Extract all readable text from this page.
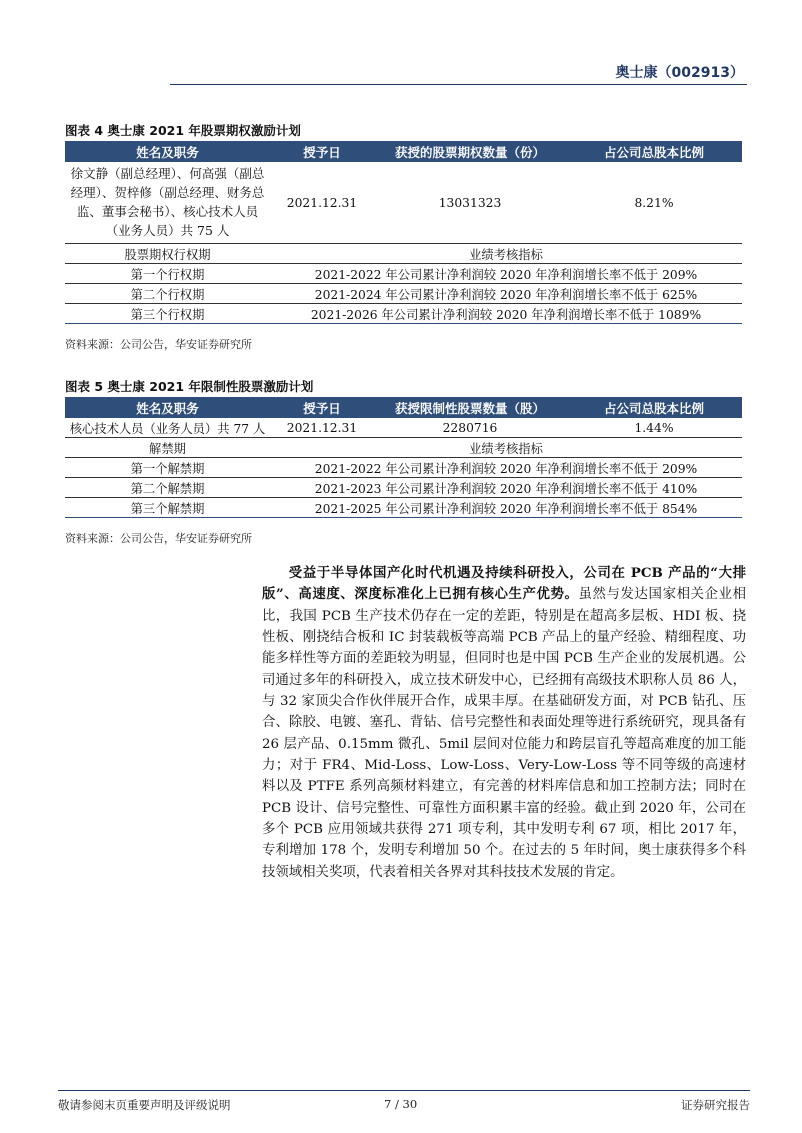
奥士康（002913）
图表 4 奥士康 2021 年股票期权激励计划
姓名及职务	授予日	获授的股票期权数量（份）	占公司总股本比例

徐文静（副总经理）、何高强（副总
经理）、贺梓修（副总经理、财务总
监、董事会秘书）、核心技术人员
（业务人员）共 75 人	2021.12.31	13031323	8.21%
股票期权行权期	业绩考核指标		
第一个行权期	2021-2022 年公司累计净利润较 2020 年净利润增长率不低于 209%		
第二个行权期	2021-2024 年公司累计净利润较 2020 年净利润增长率不低于 625%		
第三个行权期	2021-2026 年公司累计净利润较 2020 年净利润增长率不低于 1089%		
资料来源：公司公告，华安证券研究所
图表 5 奥士康 2021 年限制性股票激励计划
姓名及职务	授予日	获授限制性股票数量（股）	占公司总股本比例
核心技术人员（业务人员）共 77 人	2021.12.31	2280716	1.44%
解禁期	业绩考核指标		
第一个解禁期	2021-2022 年公司累计净利润较 2020 年净利润增长率不低于 209%		
第二个解禁期	2021-2023 年公司累计净利润较 2020 年净利润增长率不低于 410%		
第三个解禁期	2021-2025 年公司累计净利润较 2020 年净利润增长率不低于 854%		
资料来源：公司公告，华安证券研究所

受益于半导体国产化时代机遇及持续科研投入，公司在 PCB 产品的“大排版”、高速度、深度标准化上已拥有核心生产优势。虽然与发达国家相关企业相比，我国 PCB 生产技术仍存在一定的差距，特别是在超高多层板、HDI 板、挠性板、刚挠结合板和 IC 封装载板等高端 PCB 产品上的量产经验、精细程度、功能多样性等方面的差距较为明显，但同时也是中国 PCB 生产企业的发展机遇。公司通过多年的科研投入，成立技术研发中心，已经拥有高级技术职称人员 86 人，与 32 家顶尖合作伙伴展开合作，成果丰厚。在基础研发方面，对 PCB 钻孔、压合、除胶、电镀、塞孔、背钻、信号完整性和表面处理等进行系统研究，现具备有 26 层产品、0.15mm 微孔、5mil 层间对位能力和跨层盲孔等超高难度的加工能力；对于 FR4、Mid-Loss、Low-Loss、Very-Low-Loss 等不同等级的高速材料以及 PTFE 系列高频材料建立，有完善的材料库信息和加工控制方法；同时在 PCB 设计、信号完整性、可靠性方面积累丰富的经验。截止到 2020 年，公司在多个 PCB 应用领域共获得 271 项专利，其中发明专利 67 项，相比 2017 年，专利增加 178 个，发明专利增加 50 个。在过去的 5 年时间，奥士康获得多个科技领域相关奖项，代表着相关各界对其科技技术发展的肯定。

敬请参阅末页重要声明及评级说明	7 / 30	证券研究报告
